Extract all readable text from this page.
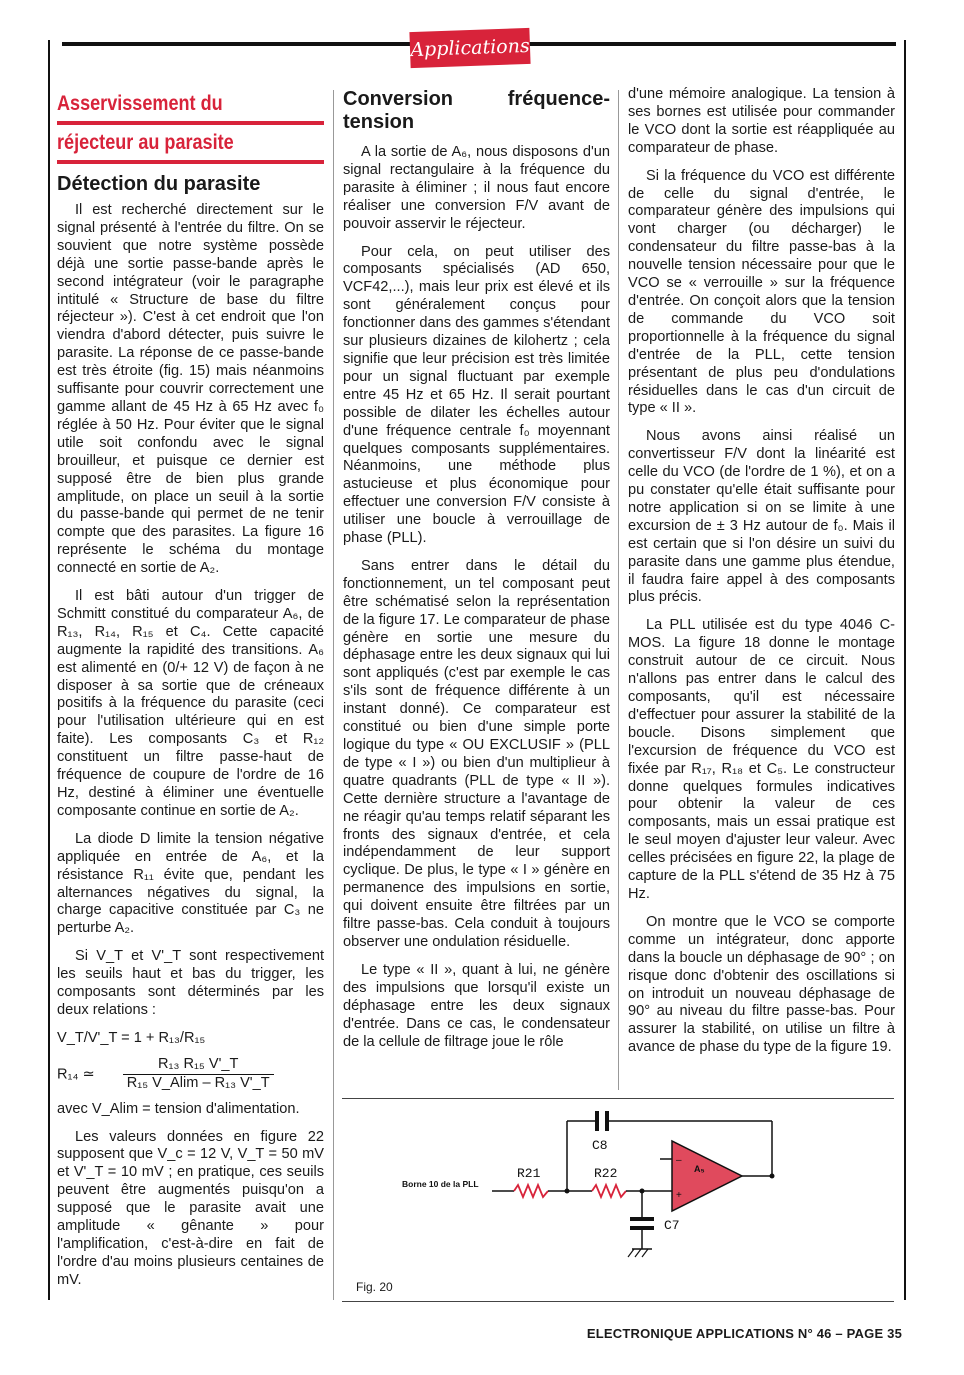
Applications
Asservissement du
réjecteur au parasite
Détection du parasite

Il est recherché directement sur le signal présenté à l'entrée du filtre. On se souvient que notre système possède déjà une sortie passe-bande après le second intégrateur (voir le paragraphe intitulé « Structure de base du filtre réjecteur »). C'est à cet endroit que l'on viendra d'abord détecter, puis suivre le parasite. La réponse de ce passe-bande est très étroite (fig. 15) mais néanmoins suffisante pour couvrir correctement une gamme allant de 45 Hz à 65 Hz avec f₀ réglée à 50 Hz. Pour éviter que le signal utile soit confondu avec le signal brouilleur, et puisque ce dernier est supposé être de bien plus grande amplitude, on place un seuil à la sortie du passe-bande qui permet de ne tenir compte que des parasites. La figure 16 représente le schéma du montage connecté en sortie de A₂.

Il est bâti autour d'un trigger de Schmitt constitué du comparateur A₆, de R₁₃, R₁₄, R₁₅ et C₄. Cette capacité augmente la rapidité des transitions. A₆ est alimenté en (0/+ 12 V) de façon à ne disposer à sa sortie que de créneaux positifs à la fréquence du parasite (ceci pour l'utilisation ultérieure qui en est faite). Les composants C₃ et R₁₂ constituent un filtre passe-haut de fréquence de coupure de l'ordre de 16 Hz, destiné à éliminer une éventuelle composante continue en sortie de A₂.

La diode D limite la tension négative appliquée en entrée de A₆, et la résistance R₁₁ évite que, pendant les alternances négatives du signal, la charge capacitive constituée par C₃ ne perturbe A₂.

Si V_T et V'_T sont respectivement les seuils haut et bas du trigger, les composants sont déterminés par les deux relations :

V_T/V'_T = 1 + R₁₃/R₁₅

R₁₄ ≃ $\frac{\text{R₁₃ R₁₅ V'\_T}}{\text{R₁₅ V\_Alim – R₁₃ V'\_T}}$

avec V_Alim = tension d'alimentation.

Les valeurs données en figure 22 supposent que V_c = 12 V, V_T = 50 mV et V'_T = 10 mV ; en pratique, ces seuils peuvent être augmentés puisqu'on a supposé que le parasite avait une amplitude « gênante » pour l'amplification, c'est-à-dire en fait de l'ordre d'au moins plusieurs centaines de mV.

Conversion fréquence-tension

A la sortie de A₆, nous disposons d'un signal rectangulaire à la fréquence du parasite à éliminer ; il nous faut encore réaliser une conversion F/V avant de pouvoir asservir le réjecteur.

Pour cela, on peut utiliser des composants spécialisés (AD 650, VCF42,...), mais leur prix est élevé et ils sont généralement conçus pour fonctionner dans des gammes s'étendant sur plusieurs dizaines de kilohertz ; cela signifie que leur précision est très limitée pour un signal fluctuant par exemple entre 45 Hz et 65 Hz. Il serait pourtant possible de dilater les échelles autour d'une fréquence centrale f₀ moyennant quelques composants supplémentaires. Néanmoins, une méthode plus astucieuse et plus économique pour effectuer une conversion F/V consiste à utiliser une boucle à verrouillage de phase (PLL).

Sans entrer dans le détail du fonctionnement, un tel composant peut être schématisé selon la représentation de la figure 17. Le comparateur de phase génère en sortie une mesure du déphasage entre les deux signaux qui lui sont appliqués (c'est par exemple le cas s'ils sont de fréquence différente à un instant donné). Ce comparateur est constitué ou bien d'une simple porte logique du type « OU EXCLUSIF » (PLL de type « I ») ou bien d'un multiplieur à quatre quadrants (PLL de type « II »). Cette dernière structure a l'avantage de ne réagir qu'au temps relatif séparant les fronts des signaux d'entrée, et cela indépendamment de leur support cyclique. De plus, le type « I » génère en permanence des impulsions en sortie, qui doivent ensuite être filtrées par un filtre passe-bas. Cela conduit à toujours observer une ondulation résiduelle.

Le type « II », quant à lui, ne génère des impulsions que lorsqu'il existe un déphasage entre les deux signaux d'entrée. Dans ce cas, le condensateur de la cellule de filtrage joue le rôle

d'une mémoire analogique. La tension à ses bornes est utilisée pour commander le VCO dont la sortie est réappliquée au comparateur de phase.

Si la fréquence du VCO est différente de celle du signal d'entrée, le comparateur génère des impulsions qui vont charger (ou décharger) le condensateur du filtre passe-bas à la nouvelle tension nécessaire pour que le VCO se « verrouille » sur la fréquence d'entrée. On conçoit alors que la tension de commande du VCO soit proportionnelle à la fréquence du signal d'entrée de la PLL, cette tension présentant de plus peu d'ondulations résiduelles dans le cas d'un circuit de type « II ».

Nous avons ainsi réalisé un convertisseur F/V dont la linéarité est celle du VCO (de l'ordre de 1 %), et on a pu constater qu'elle était suffisante pour notre application si on se limite à une excursion de ± 3 Hz autour de f₀. Mais il est certain que si l'on désire un suivi du parasite dans une gamme plus étendue, il faudra faire appel à des composants plus précis.

La PLL utilisée est du type 4046 C-MOS. La figure 18 donne le montage construit autour de ce circuit. Nous n'allons pas entrer dans le calcul des composants, qu'il est nécessaire d'effectuer pour assurer la stabilité de la boucle. Disons simplement que l'excursion de fréquence du VCO est fixée par R₁₇, R₁₈ et C₅. Le constructeur donne quelques formules indicatives pour obtenir la valeur de ces composants, mais un essai pratique est le seul moyen d'ajuster leur valeur. Avec celles précisées en figure 22, la plage de capture de la PLL s'étend de 35 Hz à 75 Hz.

On montre que le VCO se comporte comme un intégrateur, donc apporte dans la boucle un déphasage de 90° ; on risque donc d'obtenir des oscillations si on introduit un nouveau déphasage de 90° au niveau du filtre passe-bas. Pour assurer la stabilité, on utilise un filtre à avance de phase du type de la figure 19.

Borne 10 de la PLL
R21	R22
C8
C7
A₅
+
–
Fig. 20
ELECTRONIQUE APPLICATIONS N° 46 – PAGE 35
